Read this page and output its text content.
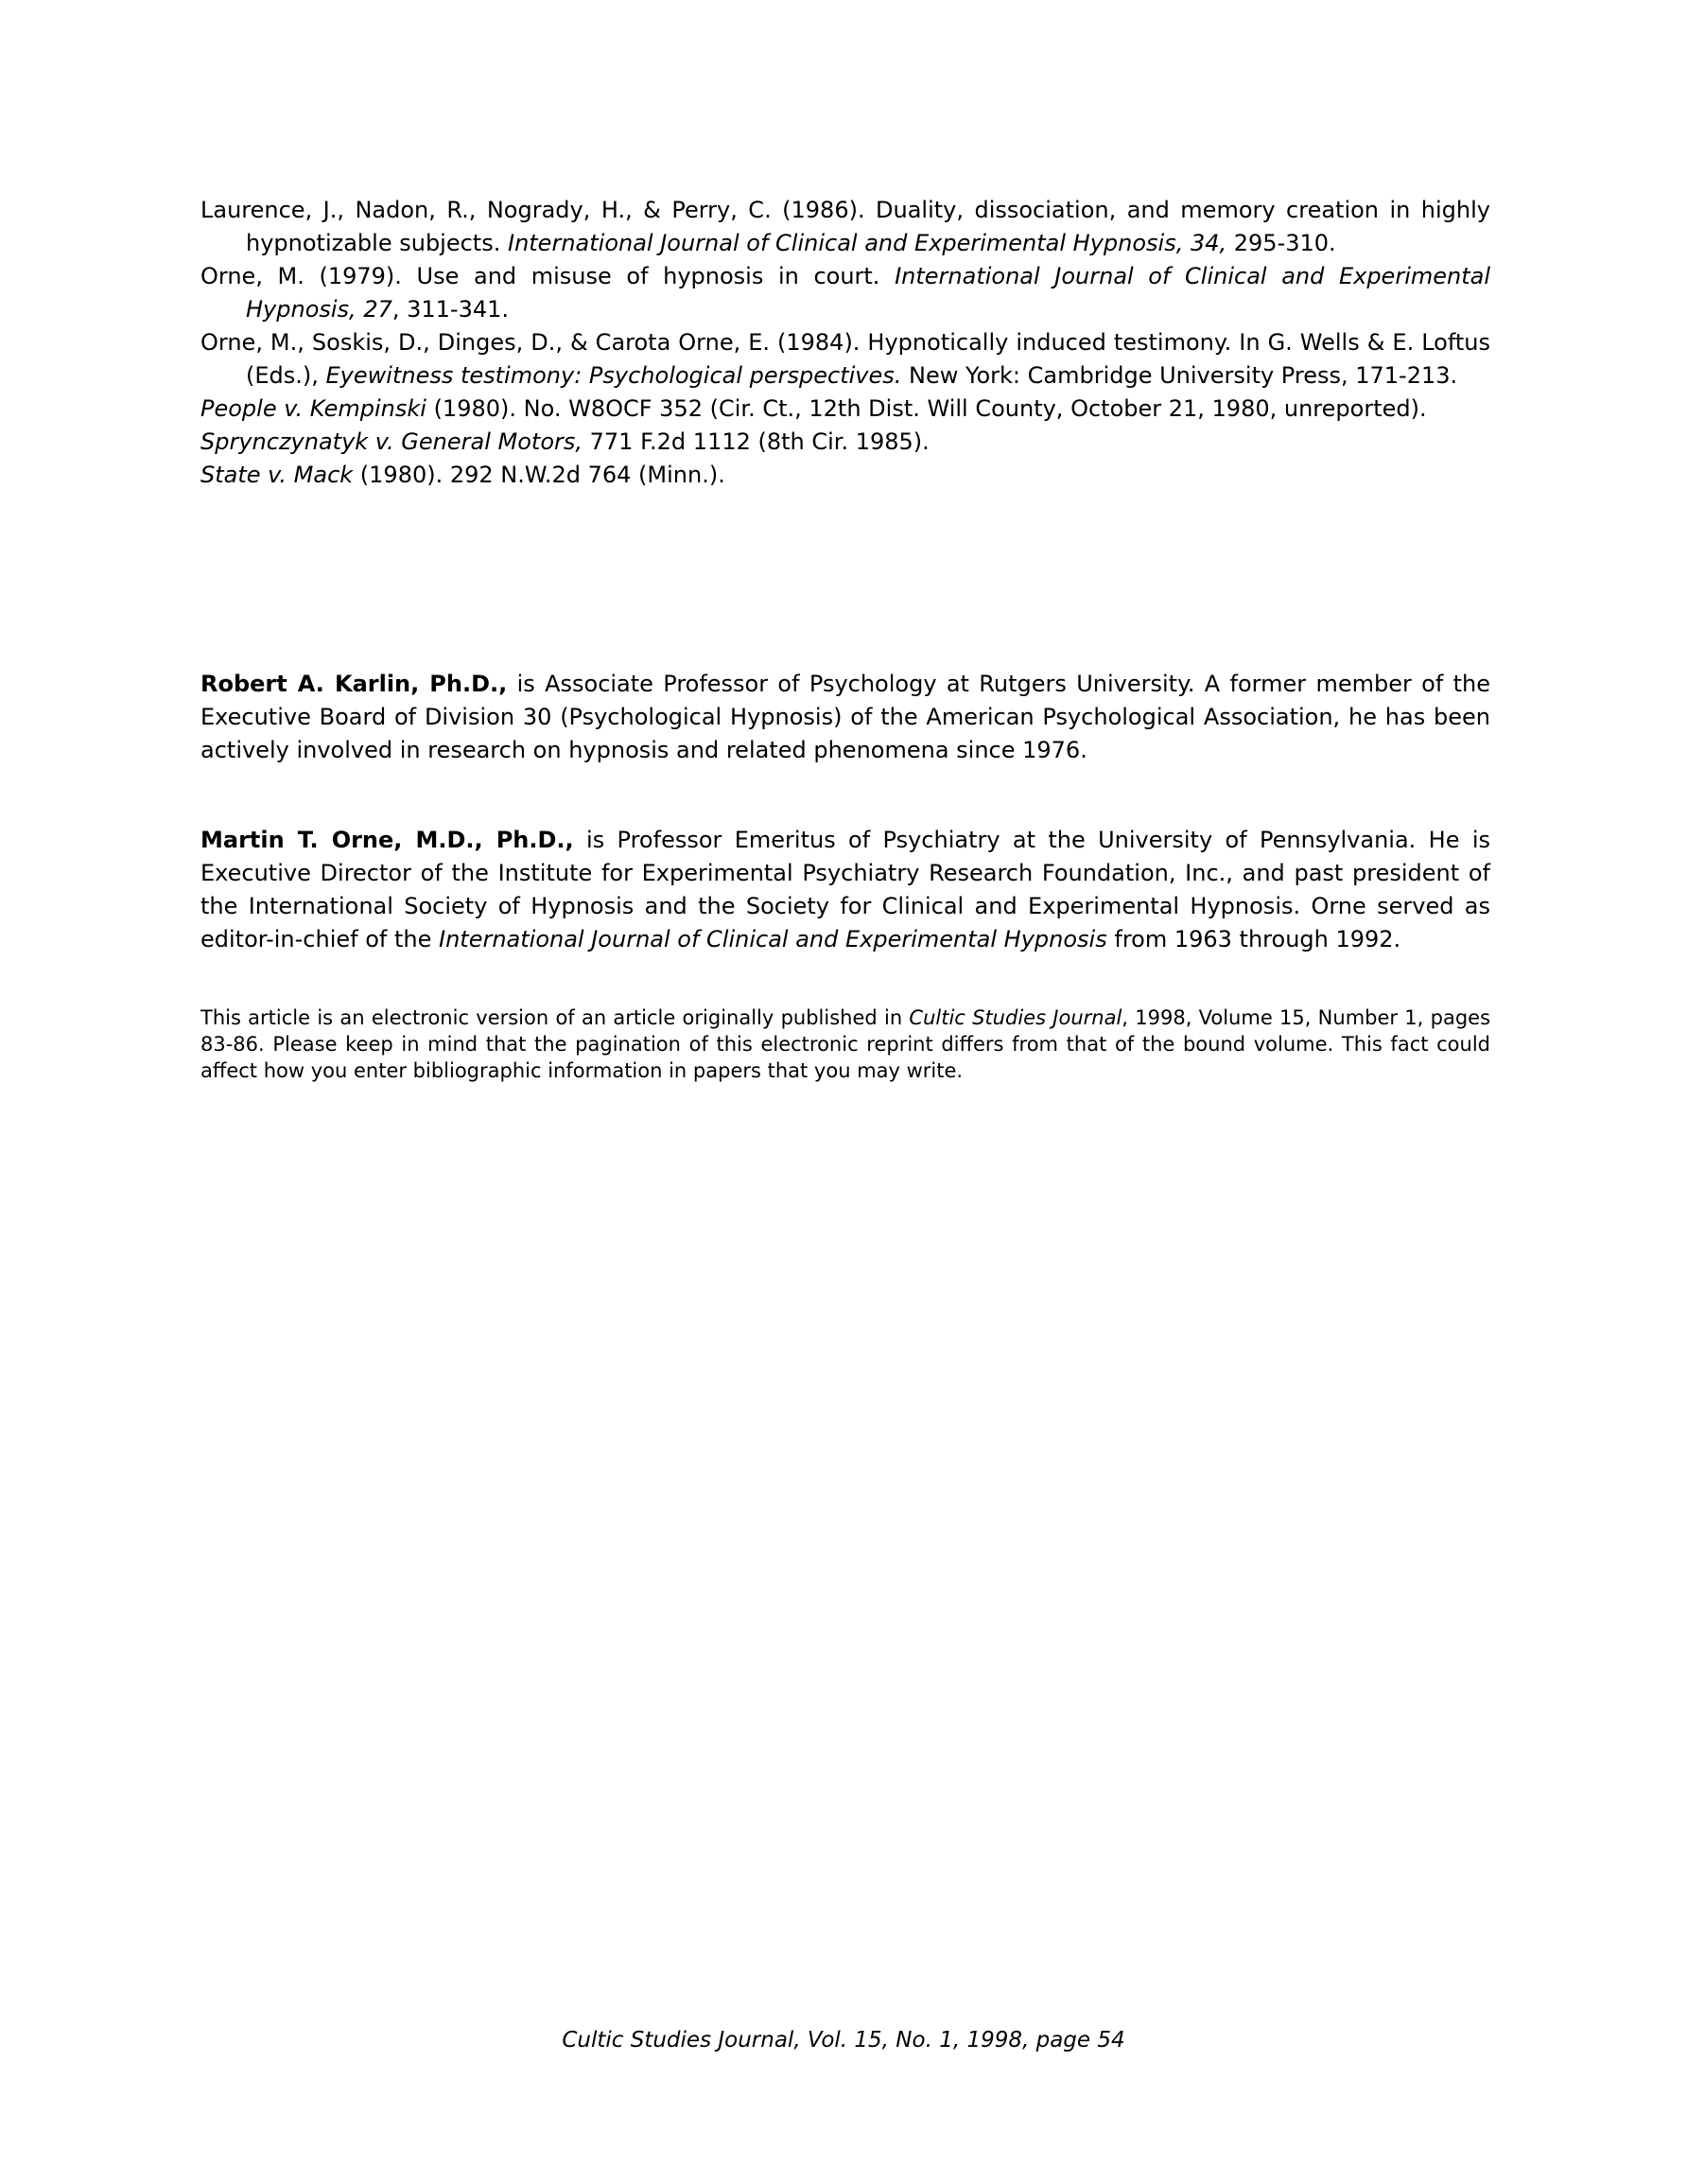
Laurence, J., Nadon, R., Nogrady, H., & Perry, C. (1986). Duality, dissociation, and memory creation in highly hypnotizable subjects. International Journal of Clinical and Experimental Hypnosis, 34, 295-310.

Orne, M. (1979). Use and misuse of hypnosis in court. International Journal of Clinical and Experimental Hypnosis, 27, 311-341.

Orne, M., Soskis, D., Dinges, D., & Carota Orne, E. (1984). Hypnotically induced testimony. In G. Wells & E. Loftus (Eds.), Eyewitness testimony: Psychological perspectives. New York: Cambridge University Press, 171-213.

People v. Kempinski (1980). No. W8OCF 352 (Cir. Ct., 12th Dist. Will County, October 21, 1980, unreported).

Sprynczynatyk v. General Motors, 771 F.2d 1112 (8th Cir. 1985).

State v. Mack (1980). 292 N.W.2d 764 (Minn.).

Robert A. Karlin, Ph.D., is Associate Professor of Psychology at Rutgers University. A former member of the Executive Board of Division 30 (Psychological Hypnosis) of the American Psychological Association, he has been actively involved in research on hypnosis and related phenomena since 1976.
Martin T. Orne, M.D., Ph.D., is Professor Emeritus of Psychiatry at the University of Pennsylvania. He is Executive Director of the Institute for Experimental Psychiatry Research Foundation, Inc., and past president of the International Society of Hypnosis and the Society for Clinical and Experimental Hypnosis. Orne served as editor-in-chief of the International Journal of Clinical and Experimental Hypnosis from 1963 through 1992.
This article is an electronic version of an article originally published in Cultic Studies Journal, 1998, Volume 15, Number 1, pages 83-86. Please keep in mind that the pagination of this electronic reprint differs from that of the bound volume. This fact could affect how you enter bibliographic information in papers that you may write.
Cultic Studies Journal, Vol. 15, No. 1, 1998, page 54
